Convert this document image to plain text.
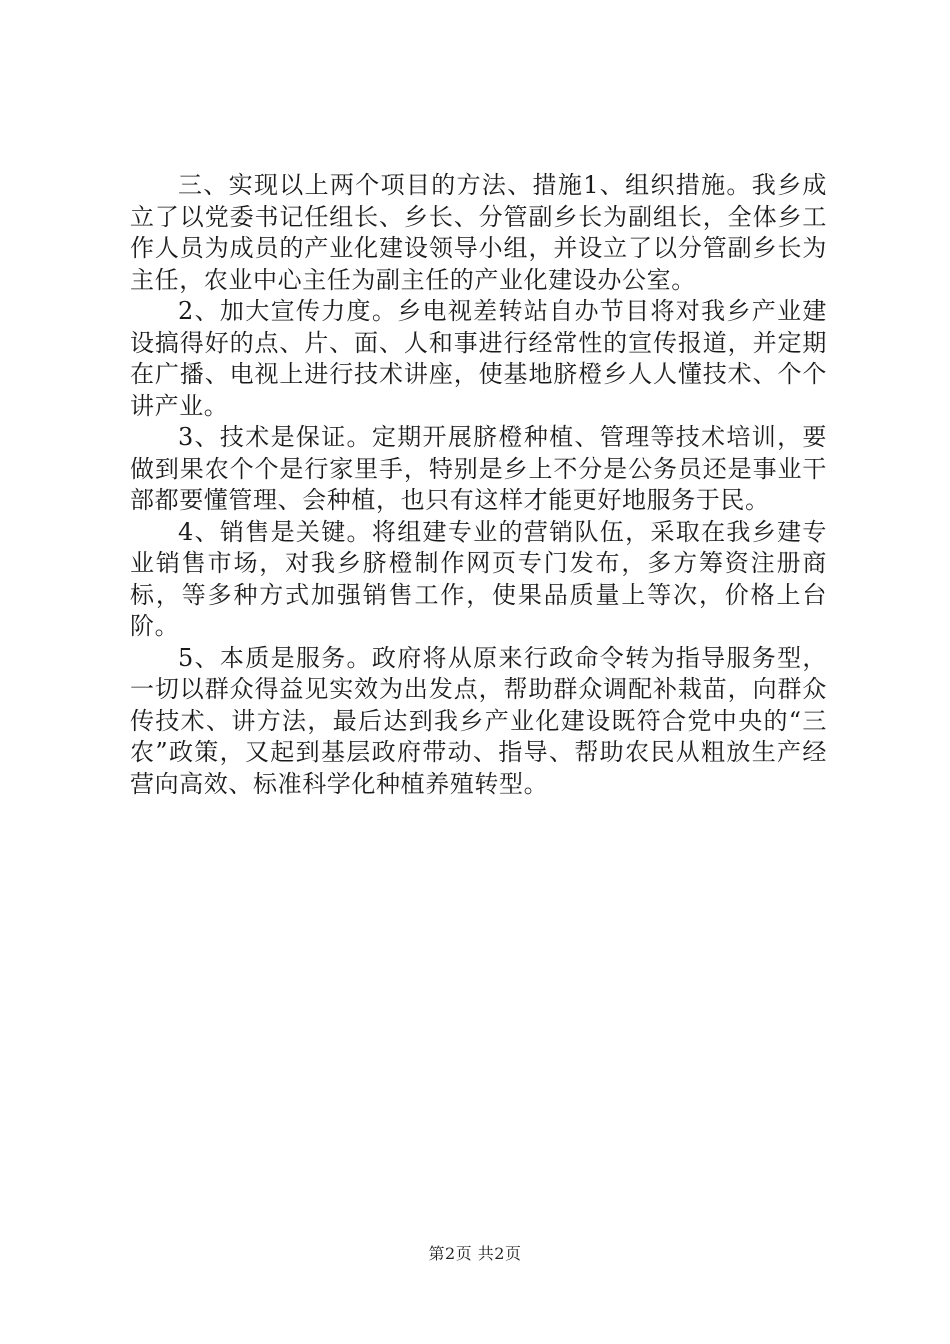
三、实现以上两个项目的方法、措施1、组织措施。我乡成立了以党委书记任组长、乡长、分管副乡长为副组长，全体乡工作人员为成员的产业化建设领导小组，并设立了以分管副乡长为主任，农业中心主任为副主任的产业化建设办公室。

2、加大宣传力度。乡电视差转站自办节目将对我乡产业建设搞得好的点、片、面、人和事进行经常性的宣传报道，并定期在广播、电视上进行技术讲座，使基地脐橙乡人人懂技术、个个讲产业。

3、技术是保证。定期开展脐橙种植、管理等技术培训，要做到果农个个是行家里手，特别是乡上不分是公务员还是事业干部都要懂管理、会种植，也只有这样才能更好地服务于民。

4、销售是关键。将组建专业的营销队伍，采取在我乡建专业销售市场，对我乡脐橙制作网页专门发布，多方筹资注册商标，等多种方式加强销售工作，使果品质量上等次，价格上台阶。

5、本质是服务。政府将从原来行政命令转为指导服务型，一切以群众得益见实效为出发点，帮助群众调配补栽苗，向群众传技术、讲方法，最后达到我乡产业化建设既符合党中央的“三农”政策，又起到基层政府带动、指导、帮助农民从粗放生产经营向高效、标准科学化种植养殖转型。

第2页 共2页
